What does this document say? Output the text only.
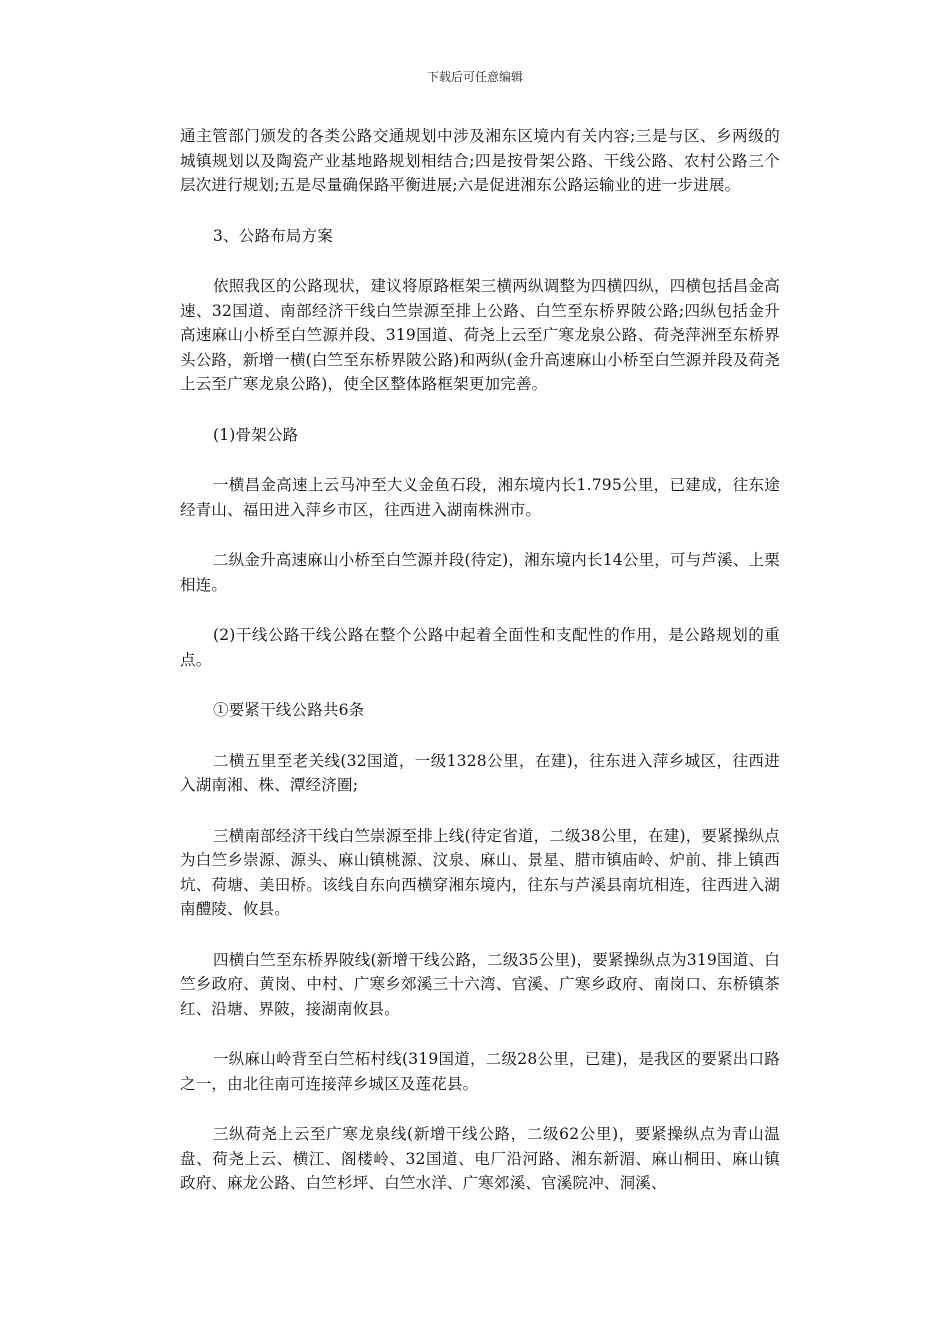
下载后可任意编辑

通主管部门颁发的各类公路交通规划中涉及湘东区境内有关内容;三是与区、乡两级的城镇规划以及陶瓷产业基地路规划相结合;四是按骨架公路、干线公路、农村公路三个层次进行规划;五是尽量确保路平衡进展;六是促进湘东公路运输业的进一步进展。

3、公路布局方案

依照我区的公路现状，建议将原路框架三横两纵调整为四横四纵，四横包括昌金高速、32国道、南部经济干线白竺崇源至排上公路、白竺至东桥界陂公路;四纵包括金升高速麻山小桥至白竺源并段、319国道、荷尧上云至广寒龙泉公路、荷尧萍洲至东桥界头公路，新增一横(白竺至东桥界陂公路)和两纵(金升高速麻山小桥至白竺源并段及荷尧上云至广寒龙泉公路)，使全区整体路框架更加完善。

(1)骨架公路

一横昌金高速上云马冲至大义金鱼石段，湘东境内长1.795公里，已建成，往东途经青山、福田进入萍乡市区，往西进入湖南株洲市。

二纵金升高速麻山小桥至白竺源并段(待定)，湘东境内长14公里，可与芦溪、上栗相连。

(2)干线公路干线公路在整个公路中起着全面性和支配性的作用，是公路规划的重点。

①要紧干线公路共6条

二横五里至老关线(32国道，一级1328公里，在建)，往东进入萍乡城区，往西进入湖南湘、株、潭经济圈;

三横南部经济干线白竺崇源至排上线(待定省道，二级38公里，在建)，要紧操纵点为白竺乡崇源、源头、麻山镇桃源、汶泉、麻山、景星、腊市镇庙岭、炉前、排上镇西坑、荷塘、美田桥。该线自东向西横穿湘东境内，往东与芦溪县南坑相连，往西进入湖南醴陵、攸县。

四横白竺至东桥界陂线(新增干线公路，二级35公里)，要紧操纵点为319国道、白竺乡政府、黄岗、中村、广寒乡郊溪三十六湾、官溪、广寒乡政府、南岗口、东桥镇茶红、沿塘、界陂，接湖南攸县。

一纵麻山岭背至白竺柘村线(319国道，二级28公里，已建)，是我区的要紧出口路之一，由北往南可连接萍乡城区及莲花县。

三纵荷尧上云至广寒龙泉线(新增干线公路，二级62公里)，要紧操纵点为青山温盘、荷尧上云、横江、阁楼岭、32国道、电厂沿河路、湘东新湄、麻山桐田、麻山镇政府、麻龙公路、白竺杉坪、白竺水洋、广寒郊溪、官溪院冲、洞溪、
